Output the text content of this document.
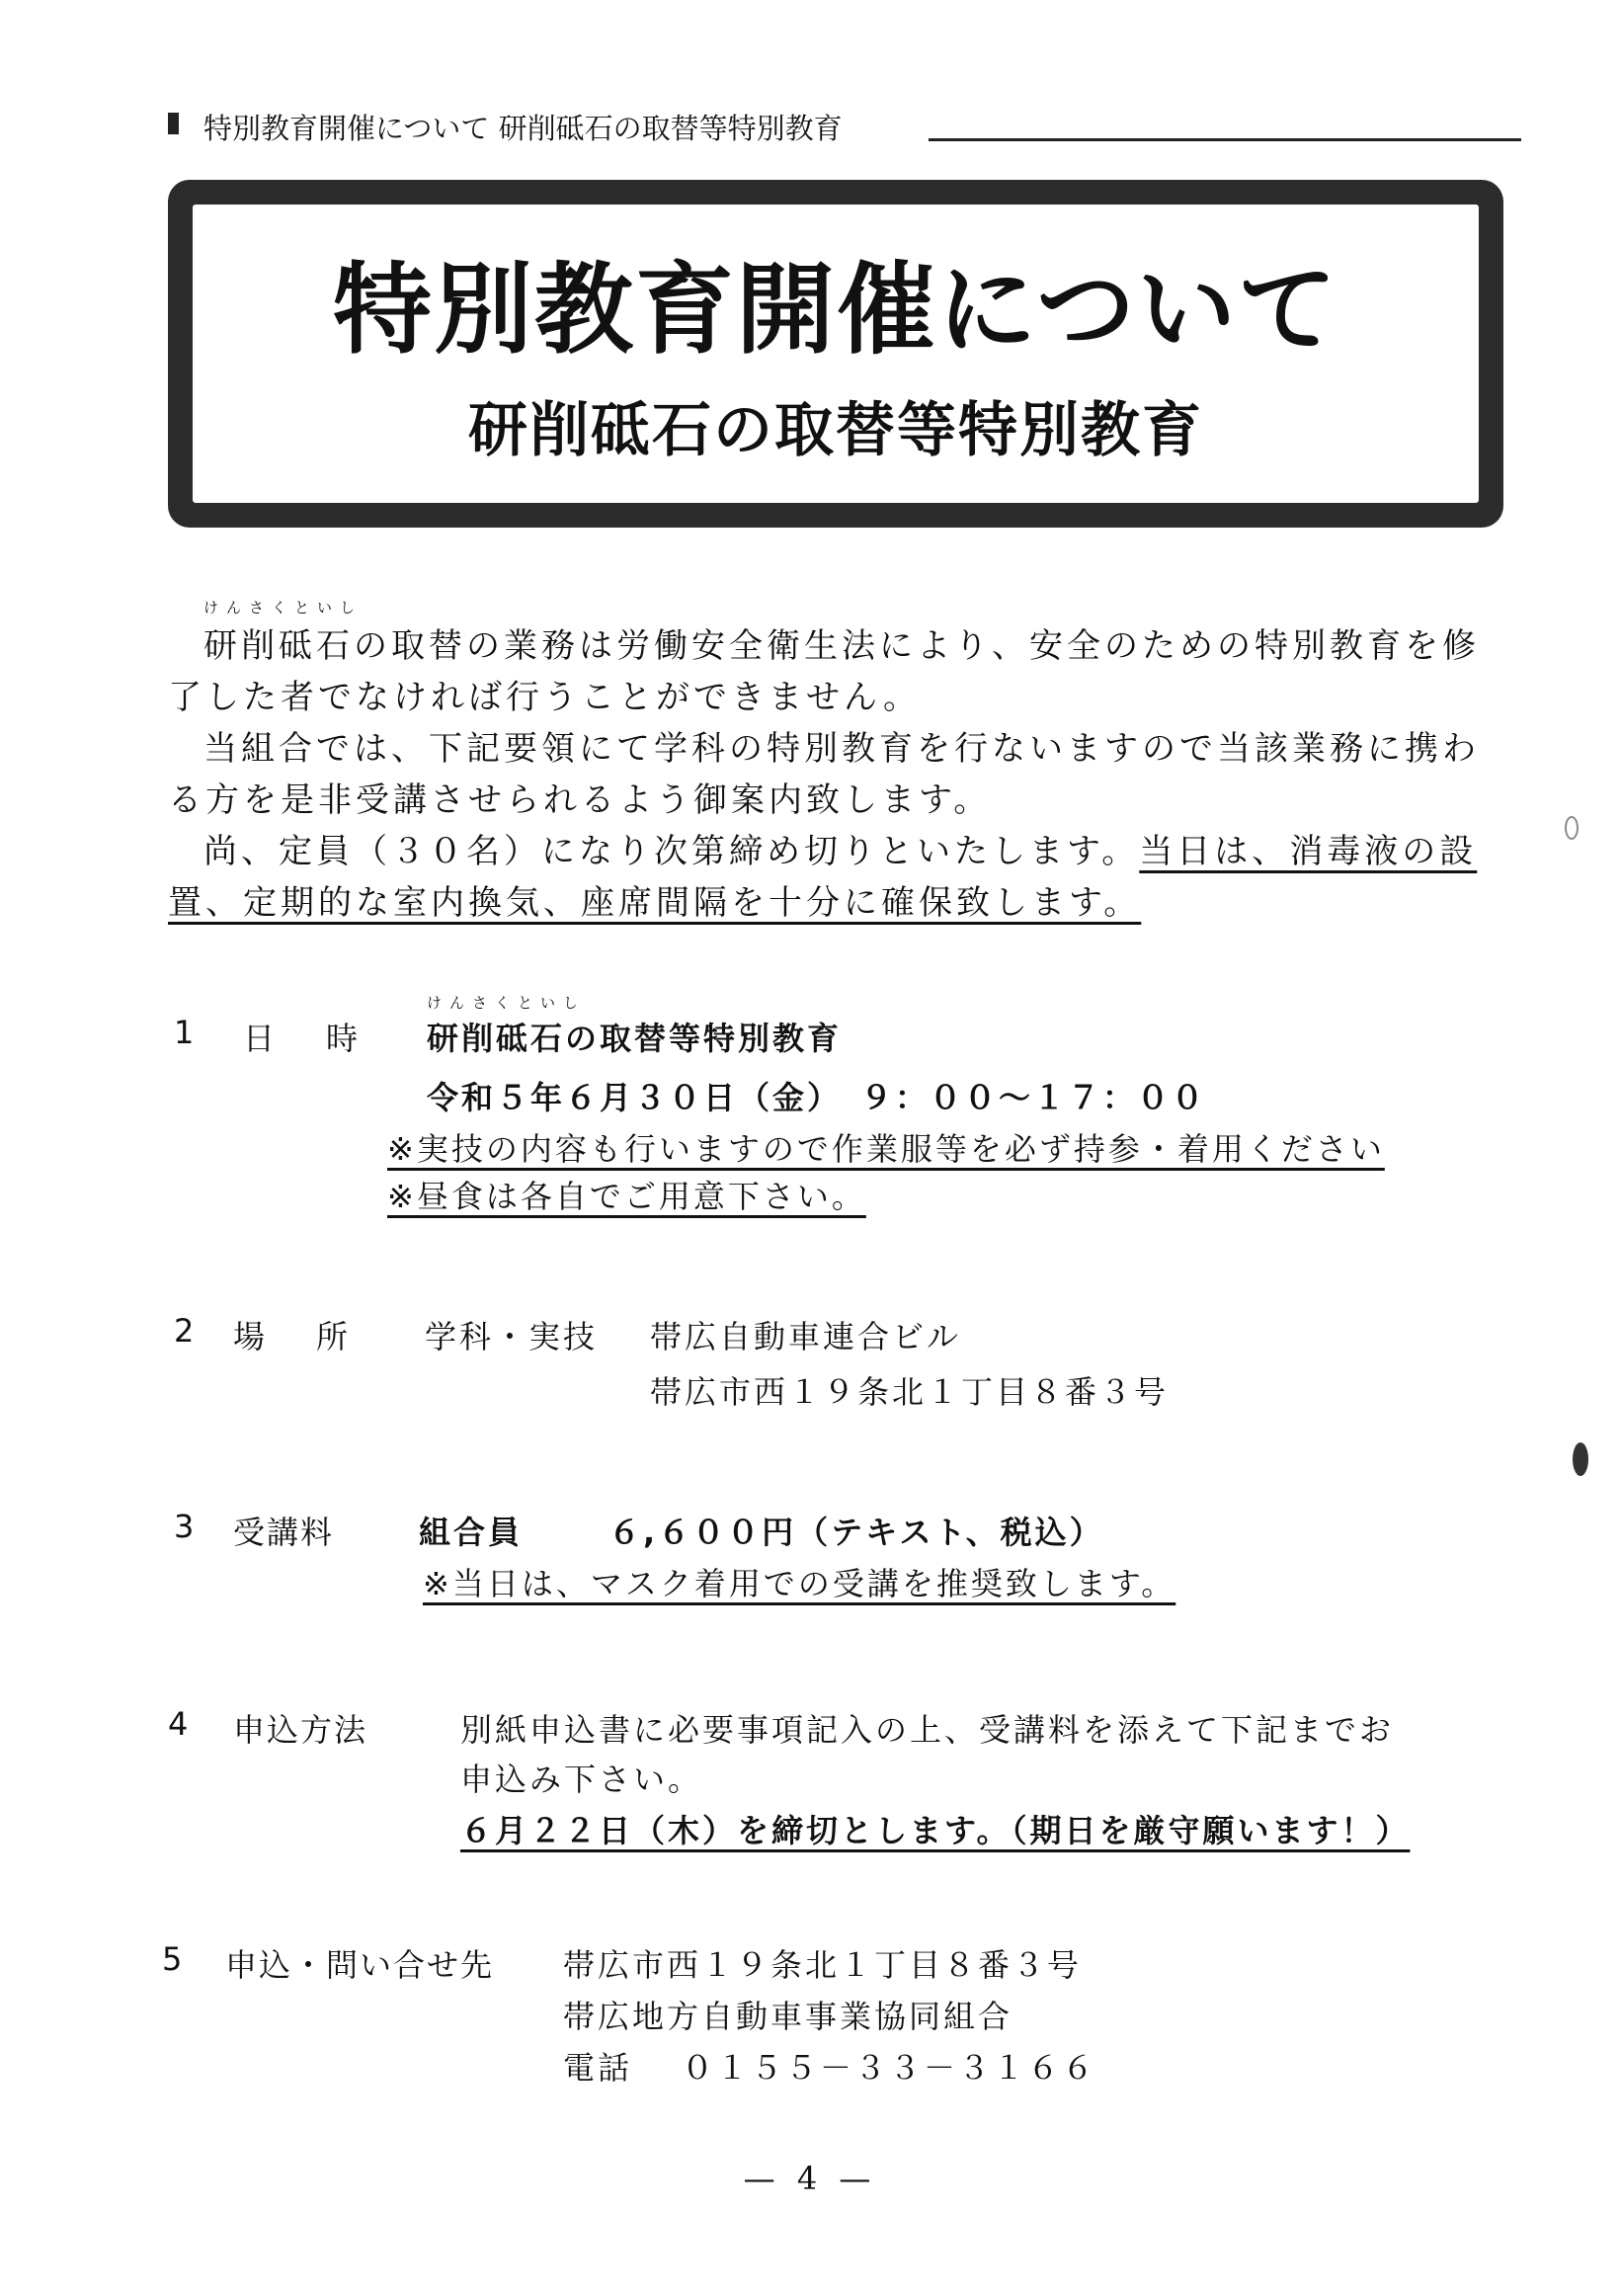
特別教育開催について 研削砥石の取替等特別教育
特別教育開催について
研削砥石の取替等特別教育
けんさくといし
研削砥石の取替の業務は労働安全衛生法により、安全のための特別教育を修
了した者でなければ行うことができません。
当組合では、下記要領にて学科の特別教育を行ないますので当該業務に携わ
る方を是非受講させられるよう御案内致します。
尚、定員（３０名）になり次第締め切りといたします。当日は、消毒液の設
置、定期的な室内換気、座席間隔を十分に確保致します。
1 日　時
けんさくといし
研削砥石の取替等特別教育
令和５年６月３０日（金）　９：００～１７：００
※実技の内容も行いますので作業服等を必ず持参・着用ください
※昼食は各自でご用意下さい。
2 場　所 学科・実技 帯広自動車連合ビル
帯広市西１９条北１丁目８番３号
3 受講料	組合員	６,６００円（テキスト、税込）
※当日は、マスク着用での受講を推奨致します。
4 申込方法	別紙申込書に必要事項記入の上、受講料を添えて下記までお
申込み下さい。
６月２２日（木）を締切とします。（期日を厳守願います！）
5 申込・問い合せ先 帯広市西１９条北１丁目８番３号
帯広地方自動車事業協同組合
電話 ０１５５－３３－３１６６
— 4 —
